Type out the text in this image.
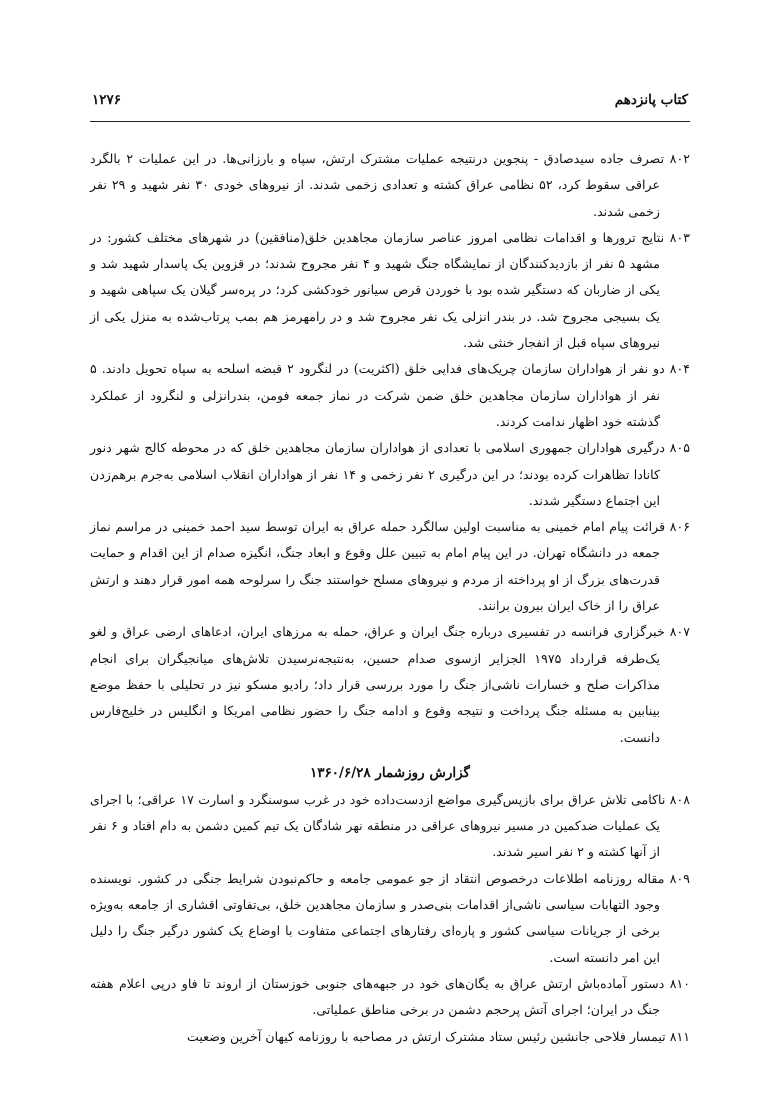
کتاب پانزدهم
۱۲۷۶
۸۰۲ تصرف جاده سیدصادق - پنجوین درنتیجه عملیات مشترک ارتش، سپاه و بارزانی‌ها. در این عملیات ۲ بالگرد عراقی سقوط کرد، ۵۲ نظامی عراق کشته و تعدادی زخمی شدند. از نیروهای خودی ۳۰ نفر شهید و ۲۹ نفر زخمی شدند.
۸۰۳ نتایج ترورها و اقدامات نظامی امروز عناصر سازمان مجاهدین خلق(منافقین) در شهرهای مختلف کشور: در مشهد ۵ نفر از بازدیدکنندگان از نمایشگاه جنگ شهید و ۴ نفر مجروح شدند؛ در قزوین یک پاسدار شهید شد و یکی از ضاربان که دستگیر شده بود با خوردن قرص سیانور خودکشی کرد؛ در پره‌سر گیلان یک سپاهی شهید و یک بسیجی مجروح شد. در بندر انزلی یک نفر مجروح شد و در رامهرمز هم بمب پرتاب‌شده به منزل یکی از نیروهای سپاه قبل از انفجار خنثی شد.
۸۰۴ دو نفر از هواداران سازمان چریک‌های فدایی خلق (اکثریت) در لنگرود ۲ قبضه اسلحه به سپاه تحویل دادند. ۵ نفر از هواداران سازمان مجاهدین خلق ضمن شرکت در نماز جمعه فومن، بندرانزلی و لنگرود از عملکرد گذشته خود اظهار ندامت کردند.
۸۰۵ درگیری هواداران جمهوری اسلامی با تعدادی از هواداران سازمان مجاهدین خلق که در محوطه کالج شهر دنور کانادا تظاهرات کرده بودند؛ در این درگیری ۲ نفر زخمی و ۱۴ نفر از هواداران انقلاب اسلامی به‌جرم برهم‌زدن این اجتماع دستگیر شدند.
۸۰۶ قرائت پیام امام خمینی به مناسبت اولین سالگرد حمله عراق به ایران توسط سید احمد خمینی در مراسم نماز جمعه در دانشگاه تهران. در این پیام امام به تبیین علل وقوع و ابعاد جنگ، انگیزه صدام از این اقدام و حمایت قدرت‌های بزرگ از او پرداخته از مردم و نیروهای مسلح خواستند جنگ را سرلوحه همه امور قرار دهند و ارتش عراق را از خاک ایران بیرون برانند.
۸۰۷ خبرگزاری فرانسه در تفسیری درباره جنگ ایران و عراق، حمله به مرزهای ایران، ادعاهای ارضی عراق و لغو یک‌طرفه قرارداد ۱۹۷۵ الجزایر ازسوی صدام حسین، به‌نتیجه‌نرسیدن تلاش‌های میانجیگران برای انجام مذاکرات صلح و خسارات ناشی‌از جنگ را مورد بررسی قرار داد؛ رادیو مسکو نیز در تحلیلی با حفظ موضع بینابین به مسئله جنگ پرداخت و نتیجه وقوع و ادامه جنگ را حضور نظامی امریکا و انگلیس در خلیج‌فارس دانست.
گزارش روزشمار ۱۳۶۰/۶/۲۸
۸۰۸ ناکامی تلاش عراق برای بازپس‌گیری مواضع ازدست‌داده خود در غرب سوسنگرد و اسارت ۱۷ عراقی؛ با اجرای یک عملیات ضدکمین در مسیر نیروهای عراقی در منطقه نهر شادگان یک تیم کمین دشمن به دام افتاد و ۶ نفر از آنها کشته و ۲ نفر اسیر شدند.
۸۰۹ مقاله روزنامه اطلاعات درخصوص انتقاد از جو عمومی جامعه و حاکم‌نبودن شرایط جنگی در کشور. نویسنده وجود التهابات سیاسی ناشی‌از اقدامات بنی‌صدر و سازمان مجاهدین خلق، بی‌تفاوتی اقشاری از جامعه به‌ویژه برخی از جریانات سیاسی کشور و پاره‌ای رفتارهای اجتماعی متفاوت با اوضاع یک کشور درگیر جنگ را دلیل این امر دانسته است.
۸۱۰ دستور آماده‌باش ارتش عراق به یگان‌های خود در جبهه‌های جنوبی خوزستان از اروند تا فاو درپی اعلام هفته جنگ در ایران؛ اجرای آتش پرحجم دشمن در برخی مناطق عملیاتی.
۸۱۱ تیمسار فلاحی جانشین رئیس ستاد مشترک ارتش در مصاحبه با روزنامه کیهان آخرین وضعیت
